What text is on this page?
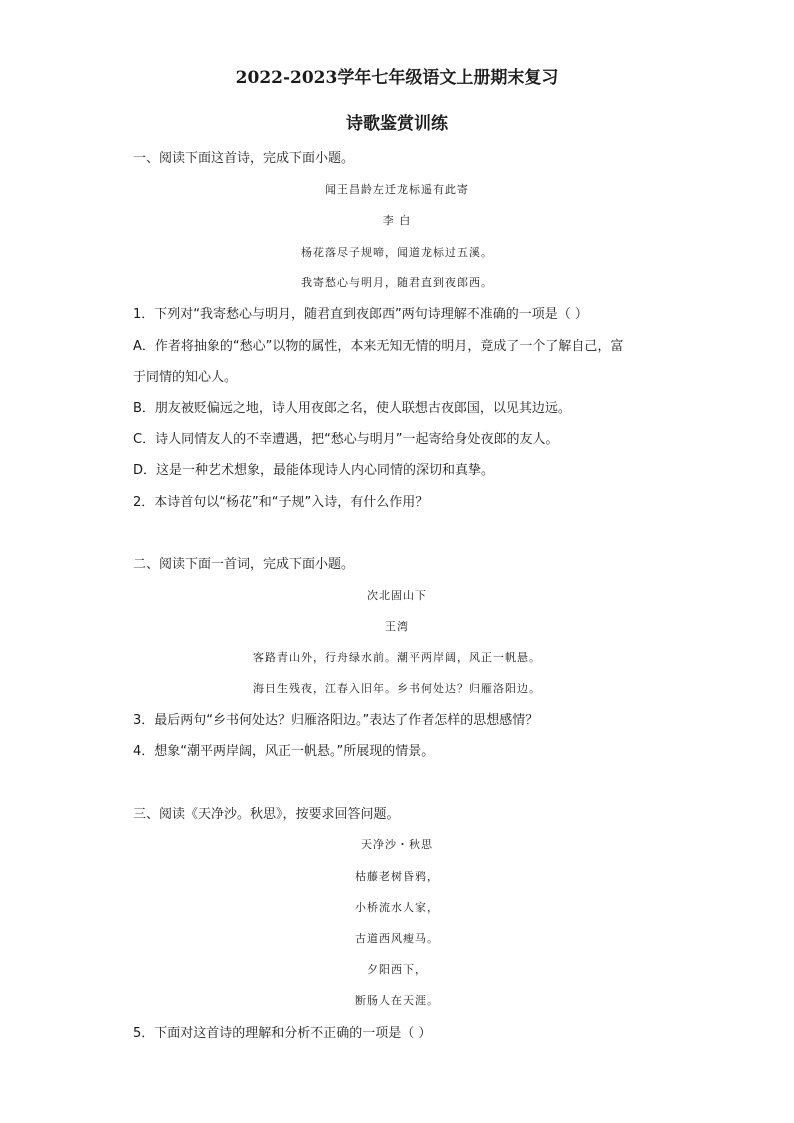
2022-2023学年七年级语文上册期末复习
诗歌鉴赏训练
一、阅读下面这首诗，完成下面小题。
闻王昌龄左迁龙标遥有此寄
李 白
杨花落尽子规啼，闻道龙标过五溪。
我寄愁心与明月，随君直到夜郎西。
1．下列对“我寄愁心与明月，随君直到夜郎西”两句诗理解不准确的一项是（ ）
A．作者将抽象的“愁心”以物的属性，本来无知无情的明月，竟成了一个了解自己，富
于同情的知心人。
B．朋友被贬偏远之地，诗人用夜郎之名，使人联想古夜郎国，以见其边远。
C．诗人同情友人的不幸遭遇，把“愁心与明月”一起寄给身处夜郎的友人。
D．这是一种艺术想象，最能体现诗人内心同情的深切和真挚。
2．本诗首句以“杨花”和“子规”入诗，有什么作用？
二、阅读下面一首词，完成下面小题。
次北固山下
王湾
客路青山外，行舟绿水前。潮平两岸阔，风正一帆悬。
海日生残夜，江春入旧年。乡书何处达？归雁洛阳边。
3．最后两句“乡书何处达？归雁洛阳边。”表达了作者怎样的思想感情？
4．想象“潮平两岸阔，风正一帆悬。”所展现的情景。
三、阅读《天净沙。秋思》，按要求回答问题。
天净沙・秋思
枯藤老树昏鸦，
小桥流水人家，
古道西风瘦马。
夕阳西下，
断肠人在天涯。
5．下面对这首诗的理解和分析不正确的一项是（ ）
